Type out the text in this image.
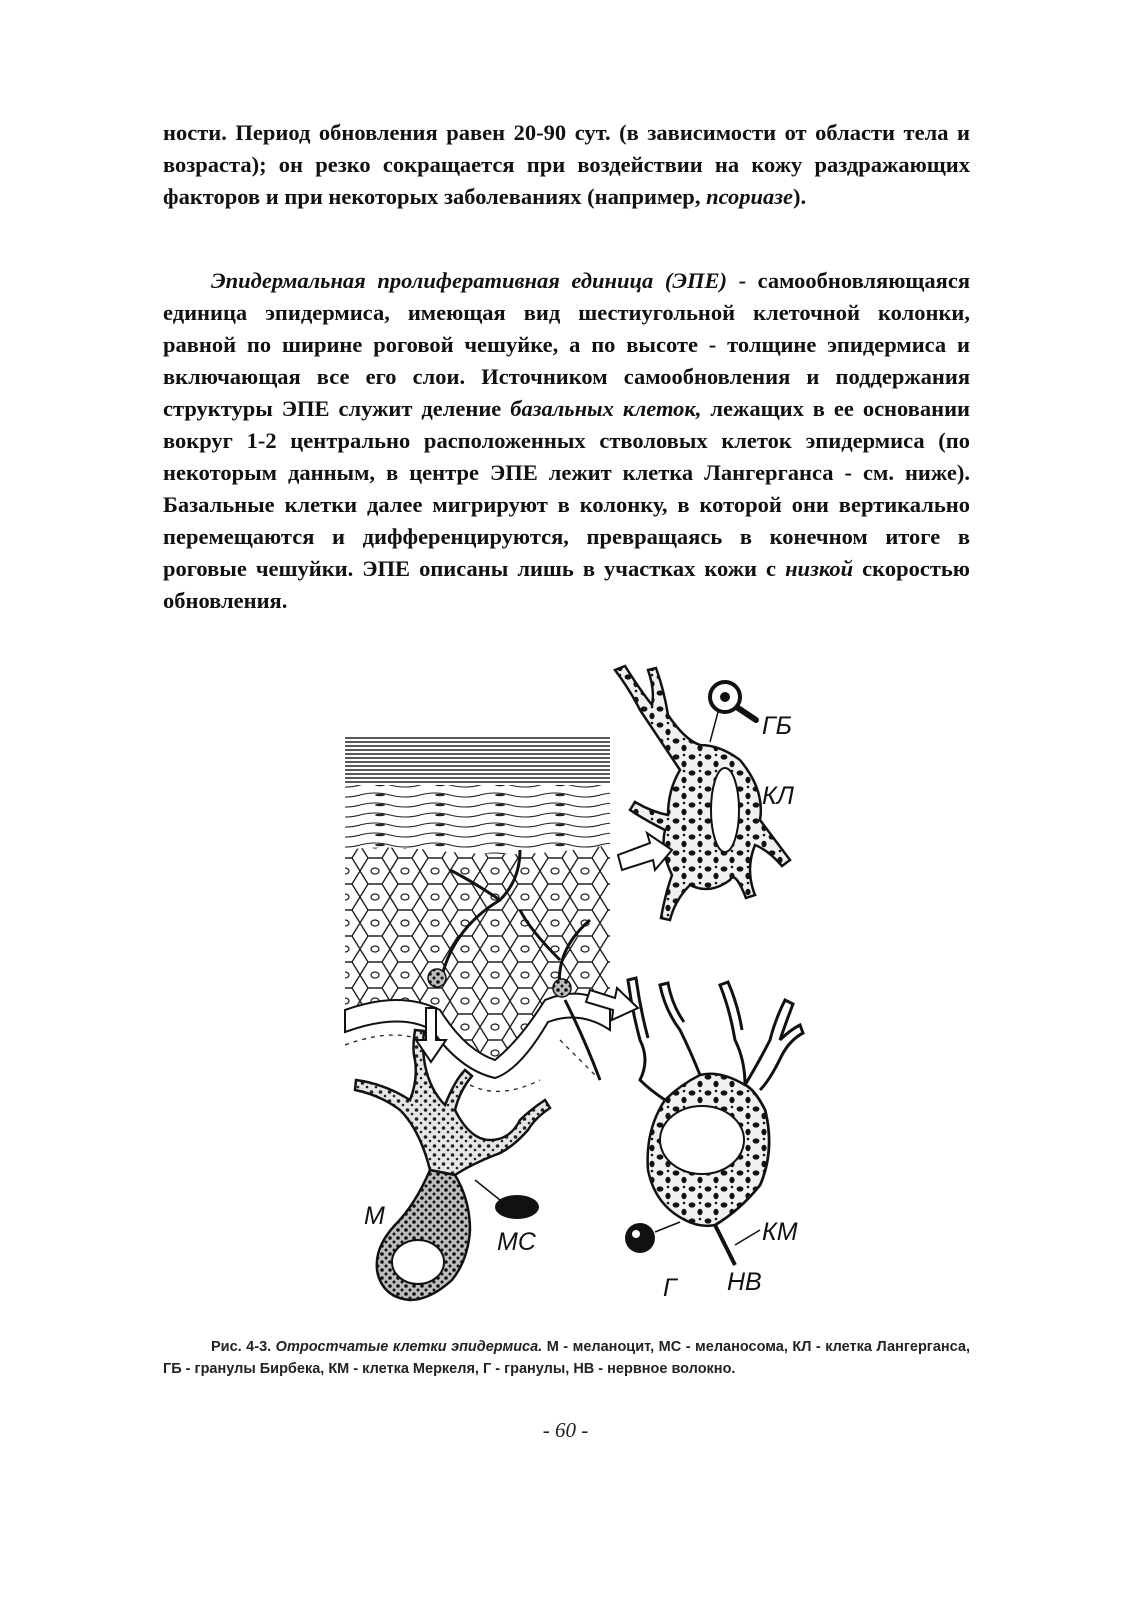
ности. Период обновления равен 20-90 сут. (в зависимости от области тела и возраста); он резко сокращается при воздействии на кожу раздражающих факторов и при некоторых заболеваниях (например, псориазе).

Эпидермальная пролиферативная единица (ЭПЕ) - самообновляющаяся единица эпидермиса, имеющая вид шестиугольной клеточной колонки, равной по ширине роговой чешуйке, а по высоте - толщине эпидермиса и включающая все его слои. Источником самообновления и поддержания структуры ЭПЕ служит деление базальных клеток, лежащих в ее основании вокруг 1-2 центрально расположенных стволовых клеток эпидермиса (по некоторым данным, в центре ЭПЕ лежит клетка Лангерганса - см. ниже). Базальные клетки далее мигрируют в колонку, в которой они вертикально перемещаются и дифференцируются, превращаясь в конечном итоге в роговые чешуйки. ЭПЕ описаны лишь в участках кожи с низкой скоростью обновления.

ГБ
КЛ
М
МС	КМ
Г НВ

Рис. 4-3. Отростчатые клетки эпидермиса. М - меланоцит, МС - меланосома, КЛ - клетка Лангерганса, ГБ - гранулы Бирбека, КМ - клетка Меркеля, Г - гранулы, НВ - нервное волокно.

- 60 -
